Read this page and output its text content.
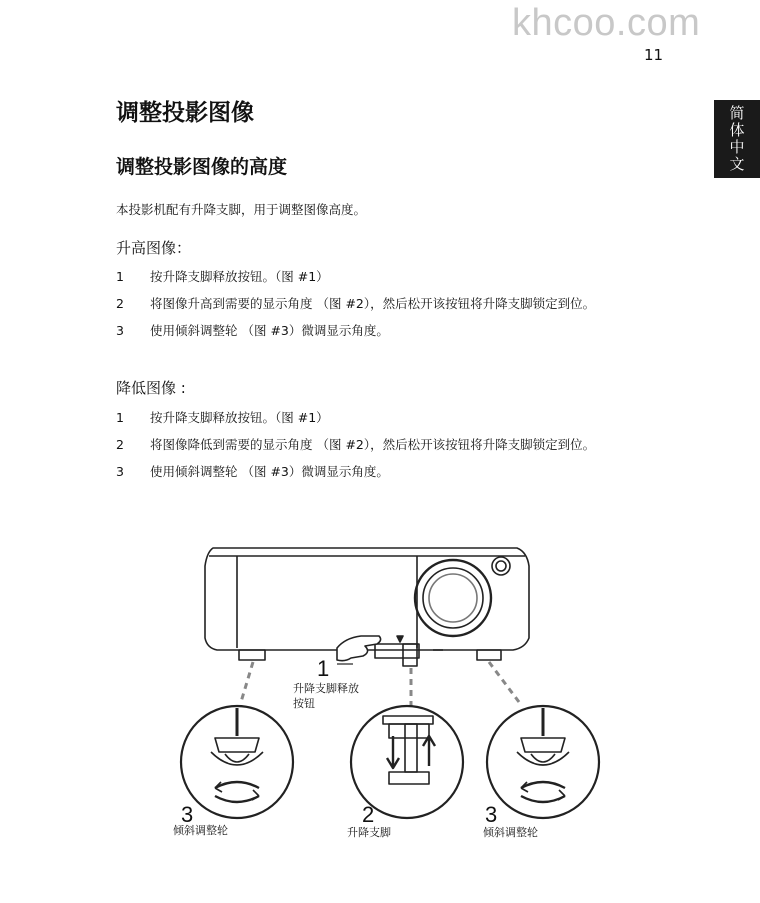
khcoo.com
11
简体中文
调整投影图像
调整投影图像的高度
本投影机配有升降支脚，用于调整图像高度。
升高图像：
1	按升降支脚释放按钮。（图 #1）
2	将图像升高到需要的显示角度 （图 #2），然后松开该按钮将升降支脚锁定到位。
3	使用倾斜调整轮 （图 #3）微调显示角度。
降低图像 :
1	按升降支脚释放按钮。（图 #1）
2	将图像降低到需要的显示角度 （图 #2），然后松开该按钮将升降支脚锁定到位。
3	使用倾斜调整轮 （图 #3）微调显示角度。
1
升降支脚释放
按钮
3
倾斜调整轮
2
升降支脚
3
倾斜调整轮
